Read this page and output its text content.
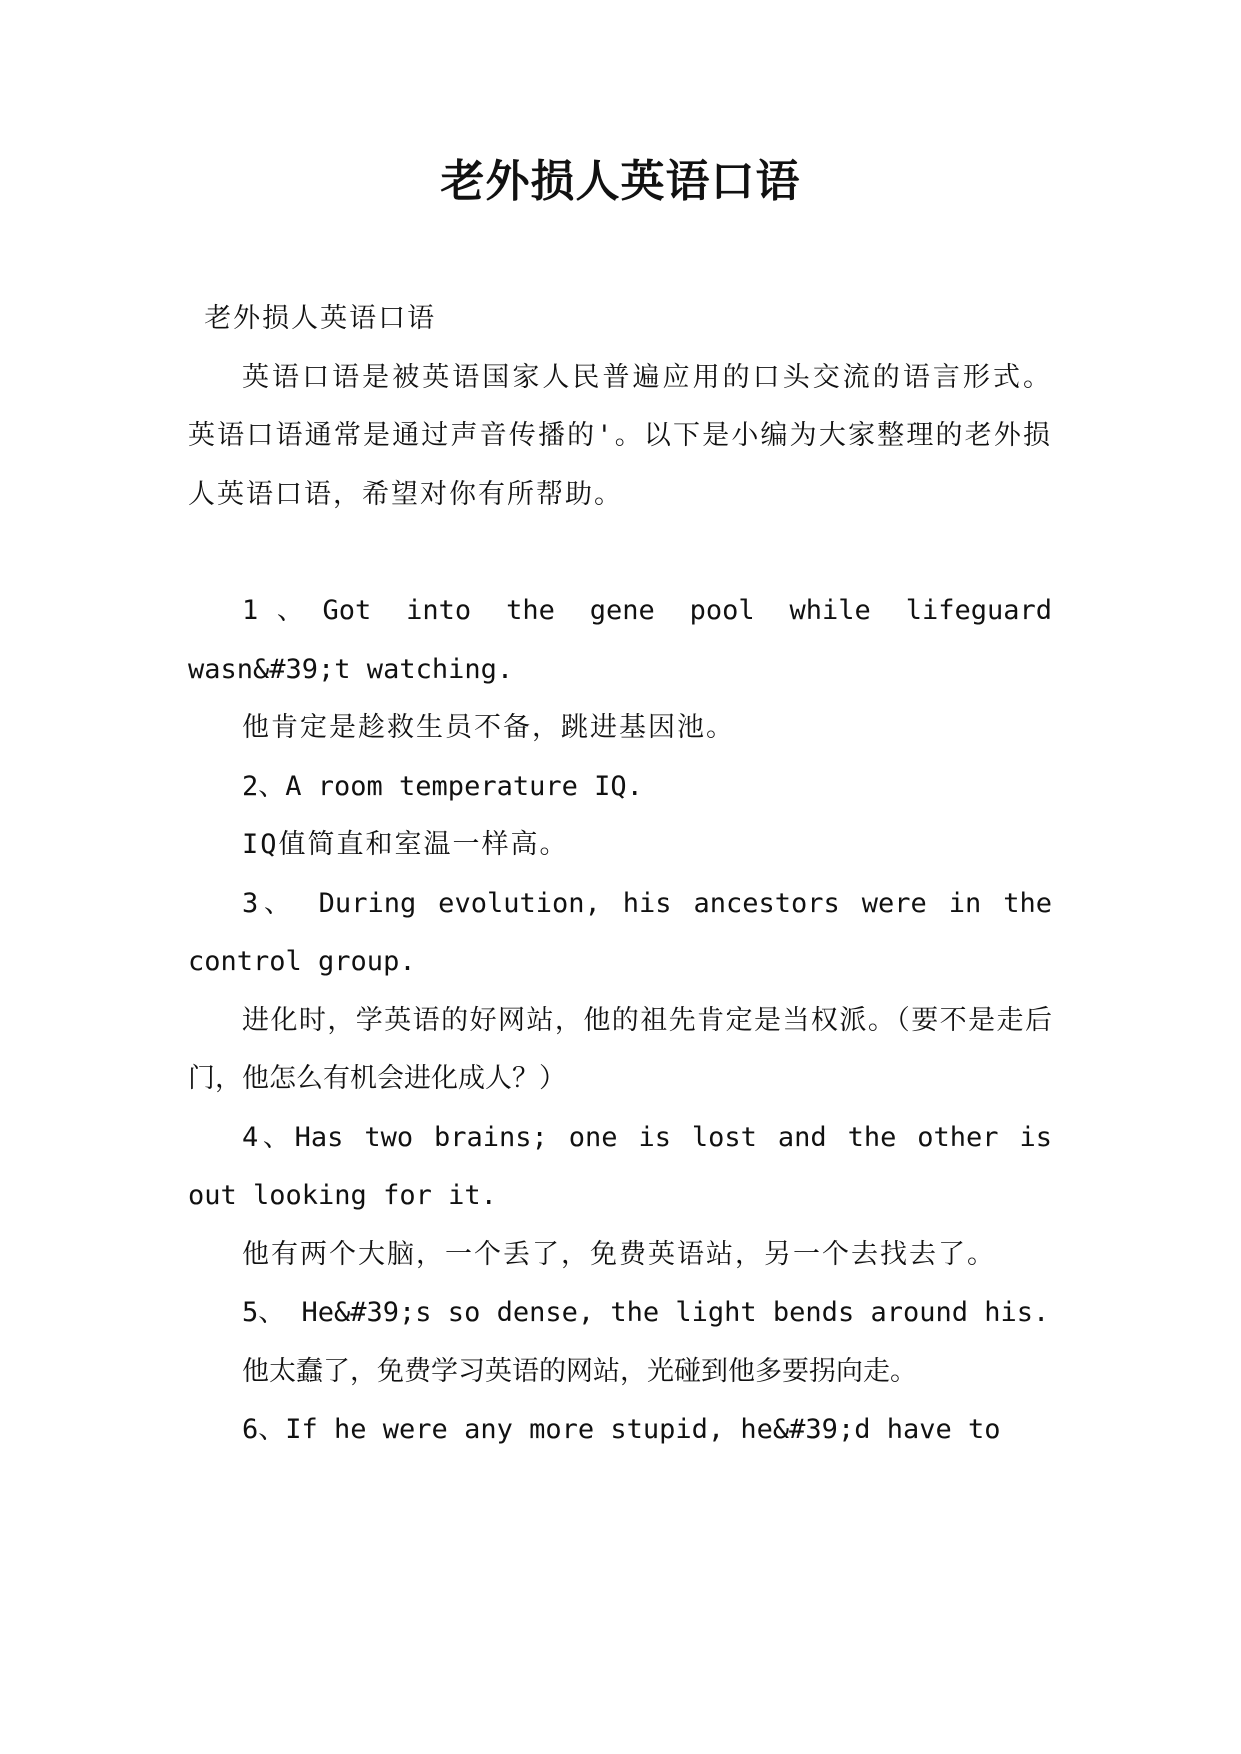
老外损人英语口语

老外损人英语口语

英语口语是被英语国家人民普遍应用的口头交流的语言形式。英语口语通常是通过声音传播的'。以下是小编为大家整理的老外损人英语口语，希望对你有所帮助。

1、Got into the gene pool while lifeguard wasn&#39;t watching.

他肯定是趁救生员不备，跳进基因池。

2、A room temperature IQ.

IQ值简直和室温一样高。

3、 During evolution, his ancestors were in the control group.

进化时，学英语的好网站，他的祖先肯定是当权派。（要不是走后门，他怎么有机会进化成人？）

4、Has two brains; one is lost and the other is out looking for it.

他有两个大脑，一个丢了，免费英语站，另一个去找去了。

5、 He&#39;s so dense, the light bends around his.

他太蠢了，免费学习英语的网站，光碰到他多要拐向走。

6、If he were any more stupid, he&#39;d have to
